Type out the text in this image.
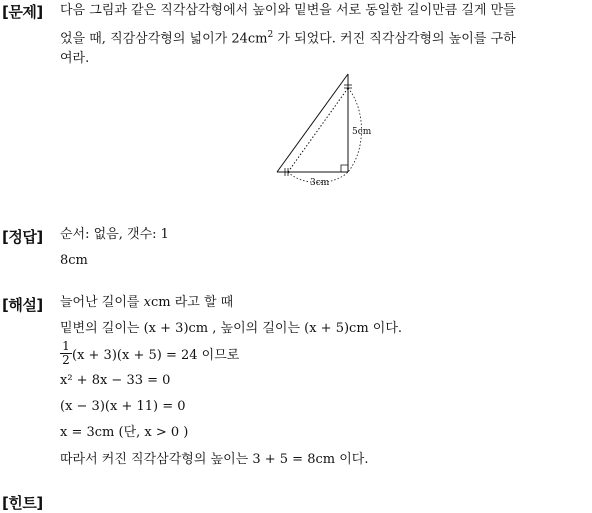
[문제] 다음 그림과 같은 직각삼각형에서 높이와 밑변을 서로 동일한 길이만큼 길게 만들
었을 때, 직감삼각형의 넓이가 $24cm^2$ 가 되었다. 커진 직각삼각형의 높이를 구하
여라.
5cm
3cm
[정답] 순서: 없음, 갯수: 1
8cm
[해설] 늘어난 길이를 xcm 라고 할 때
밑변의 길이는 (x + 3)cm , 높이의 길이는 (x + 5)cm 이다.
$\frac{1}{2} (x + 3)(x + 5) = 24$ 이므로
x² + 8x − 33 = 0
(x − 3)(x + 11) = 0
x = 3cm (단, x > 0 )
따라서 커진 직각삼각형의 높이는 3 + 5 = 8cm 이다.
[힌트]
